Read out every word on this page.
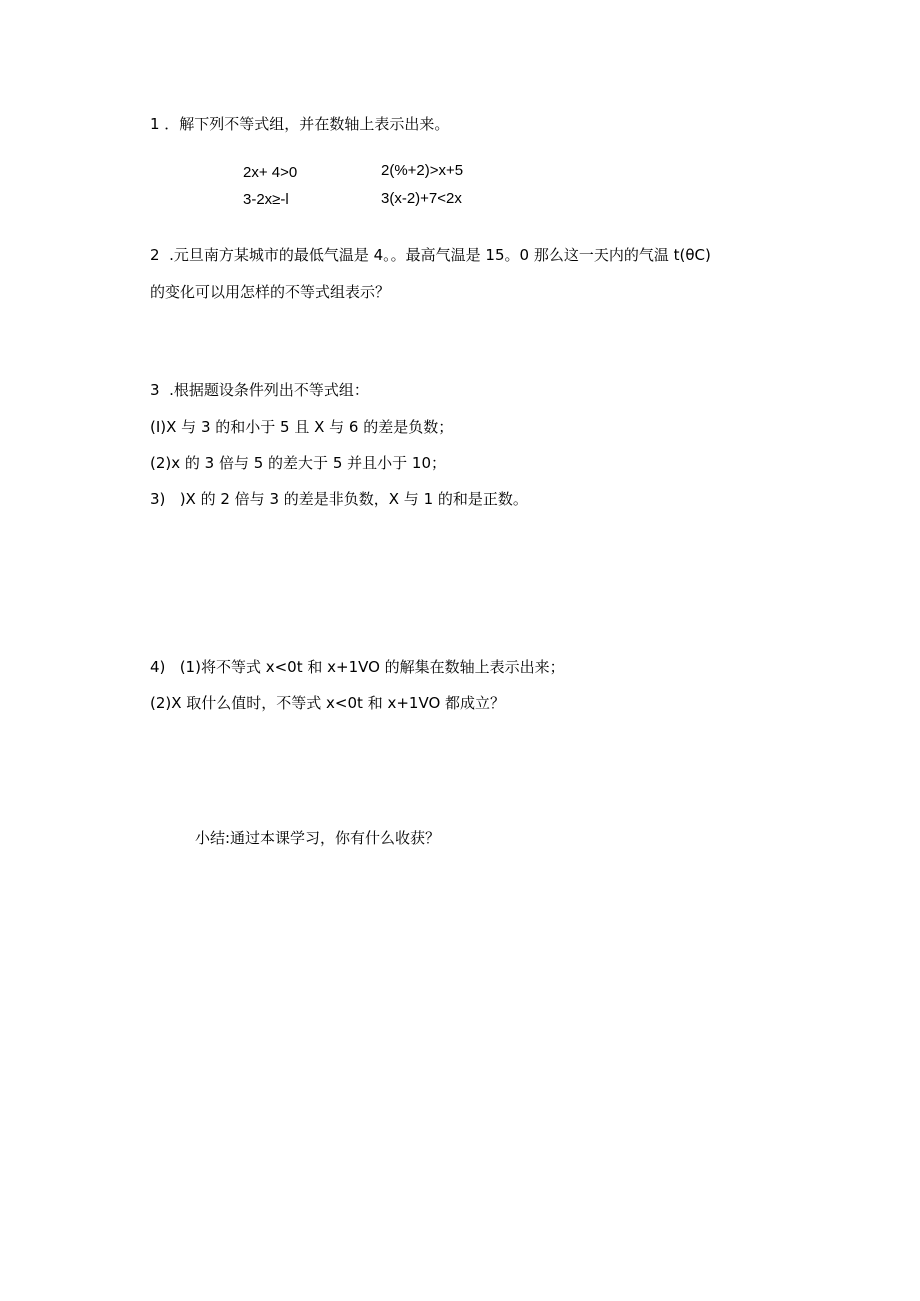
1 ．解下列不等式组，并在数轴上表示出来。
2x+ 4>0
3-2x≥-l
2(%+2)>x+5
3(x-2)+7<2x
2  .元旦南方某城市的最低气温是 4。。最高气温是 15。0 那么这一天内的气温 t(θC)
的变化可以用怎样的不等式组表示？
3  .根据题设条件列出不等式组：
(I)X 与 3 的和小于 5 且 X 与 6 的差是负数；
(2)x 的 3 倍与 5 的差大于 5 并且小于 10；
3)   )X 的 2 倍与 3 的差是非负数，X 与 1 的和是正数。
4)   (1)将不等式 x<0t 和 x+1VO 的解集在数轴上表示出来；
(2)X 取什么值时，不等式 x<0t 和 x+1VO 都成立？
小结:通过本课学习，你有什么收获？
